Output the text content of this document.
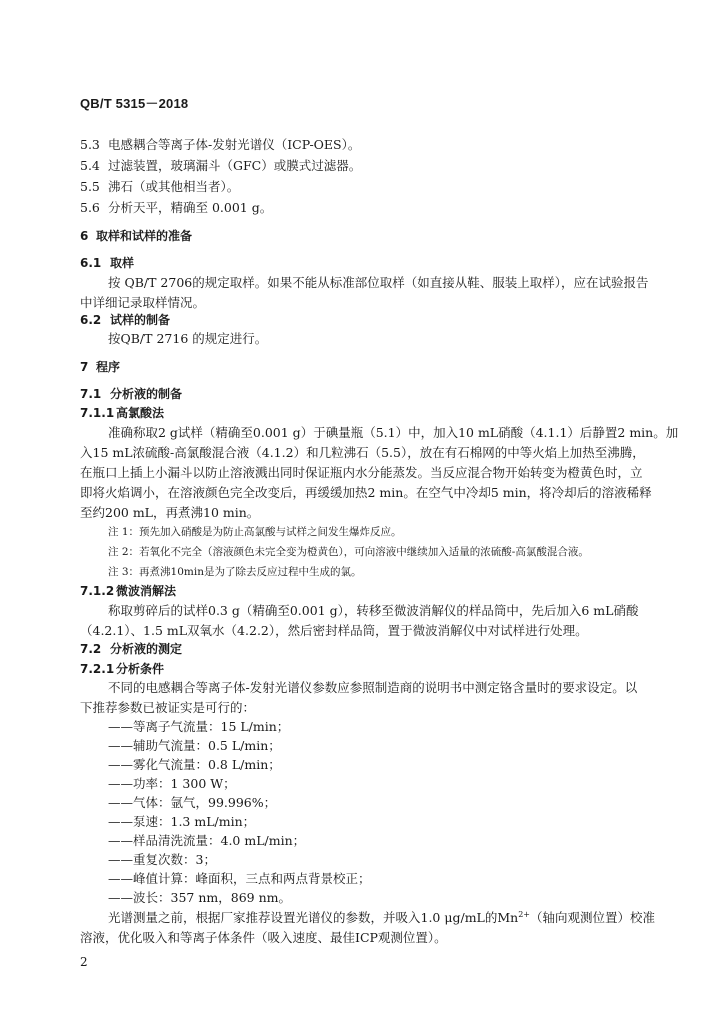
QB/T 5315－2018
5.3 电感耦合等离子体-发射光谱仪（ICP-OES）。
5.4 过滤装置，玻璃漏斗（GFC）或膜式过滤器。
5.5 沸石（或其他相当者）。
5.6 分析天平，精确至 0.001 g。
6 取样和试样的准备
6.1 取样
按 QB/T 2706的规定取样。如果不能从标准部位取样（如直接从鞋、服装上取样），应在试验报告
中详细记录取样情况。
6.2 试样的制备
按QB/T 2716 的规定进行。
7 程序
7.1 分析液的制备
7.1.1 高氯酸法
准确称取2 g试样（精确至0.001 g）于碘量瓶（5.1）中，加入10 mL硝酸（4.1.1）后静置2 min。加
入15 mL浓硫酸-高氯酸混合液（4.1.2）和几粒沸石（5.5），放在有石棉网的中等火焰上加热至沸腾，
在瓶口上插上小漏斗以防止溶液溅出同时保证瓶内水分能蒸发。当反应混合物开始转变为橙黄色时，立
即将火焰调小，在溶液颜色完全改变后，再缓缓加热2 min。在空气中冷却5 min，将冷却后的溶液稀释
至约200 mL，再煮沸10 min。
注 1：预先加入硝酸是为防止高氯酸与试样之间发生爆炸反应。
注 2：若氧化不完全（溶液颜色未完全变为橙黄色），可向溶液中继续加入适量的浓硫酸-高氯酸混合液。
注 3：再煮沸10min是为了除去反应过程中生成的氯。
7.1.2 微波消解法
称取剪碎后的试样0.3 g（精确至0.001 g），转移至微波消解仪的样品筒中，先后加入6 mL硝酸
（4.2.1）、1.5 mL双氧水（4.2.2），然后密封样品筒，置于微波消解仪中对试样进行处理。
7.2 分析液的测定
7.2.1 分析条件
不同的电感耦合等离子体-发射光谱仪参数应参照制造商的说明书中测定铬含量时的要求设定。以
下推荐参数已被证实是可行的：
——等离子气流量：15 L/min；
——辅助气流量：0.5 L/min；
——雾化气流量：0.8 L/min；
——功率：1 300 W；
——气体：氩气，99.996%；
——泵速：1.3 mL/min；
——样品清洗流量：4.0 mL/min；
——重复次数：3；
——峰值计算：峰面积，三点和两点背景校正；
——波长：357 nm，869 nm。
光谱测量之前，根据厂家推荐设置光谱仪的参数，并吸入1.0 μg/mL的$Mn^{2+}$（轴向观测位置）校准
溶液，优化吸入和等离子体条件（吸入速度、最佳ICP观测位置）。
2
